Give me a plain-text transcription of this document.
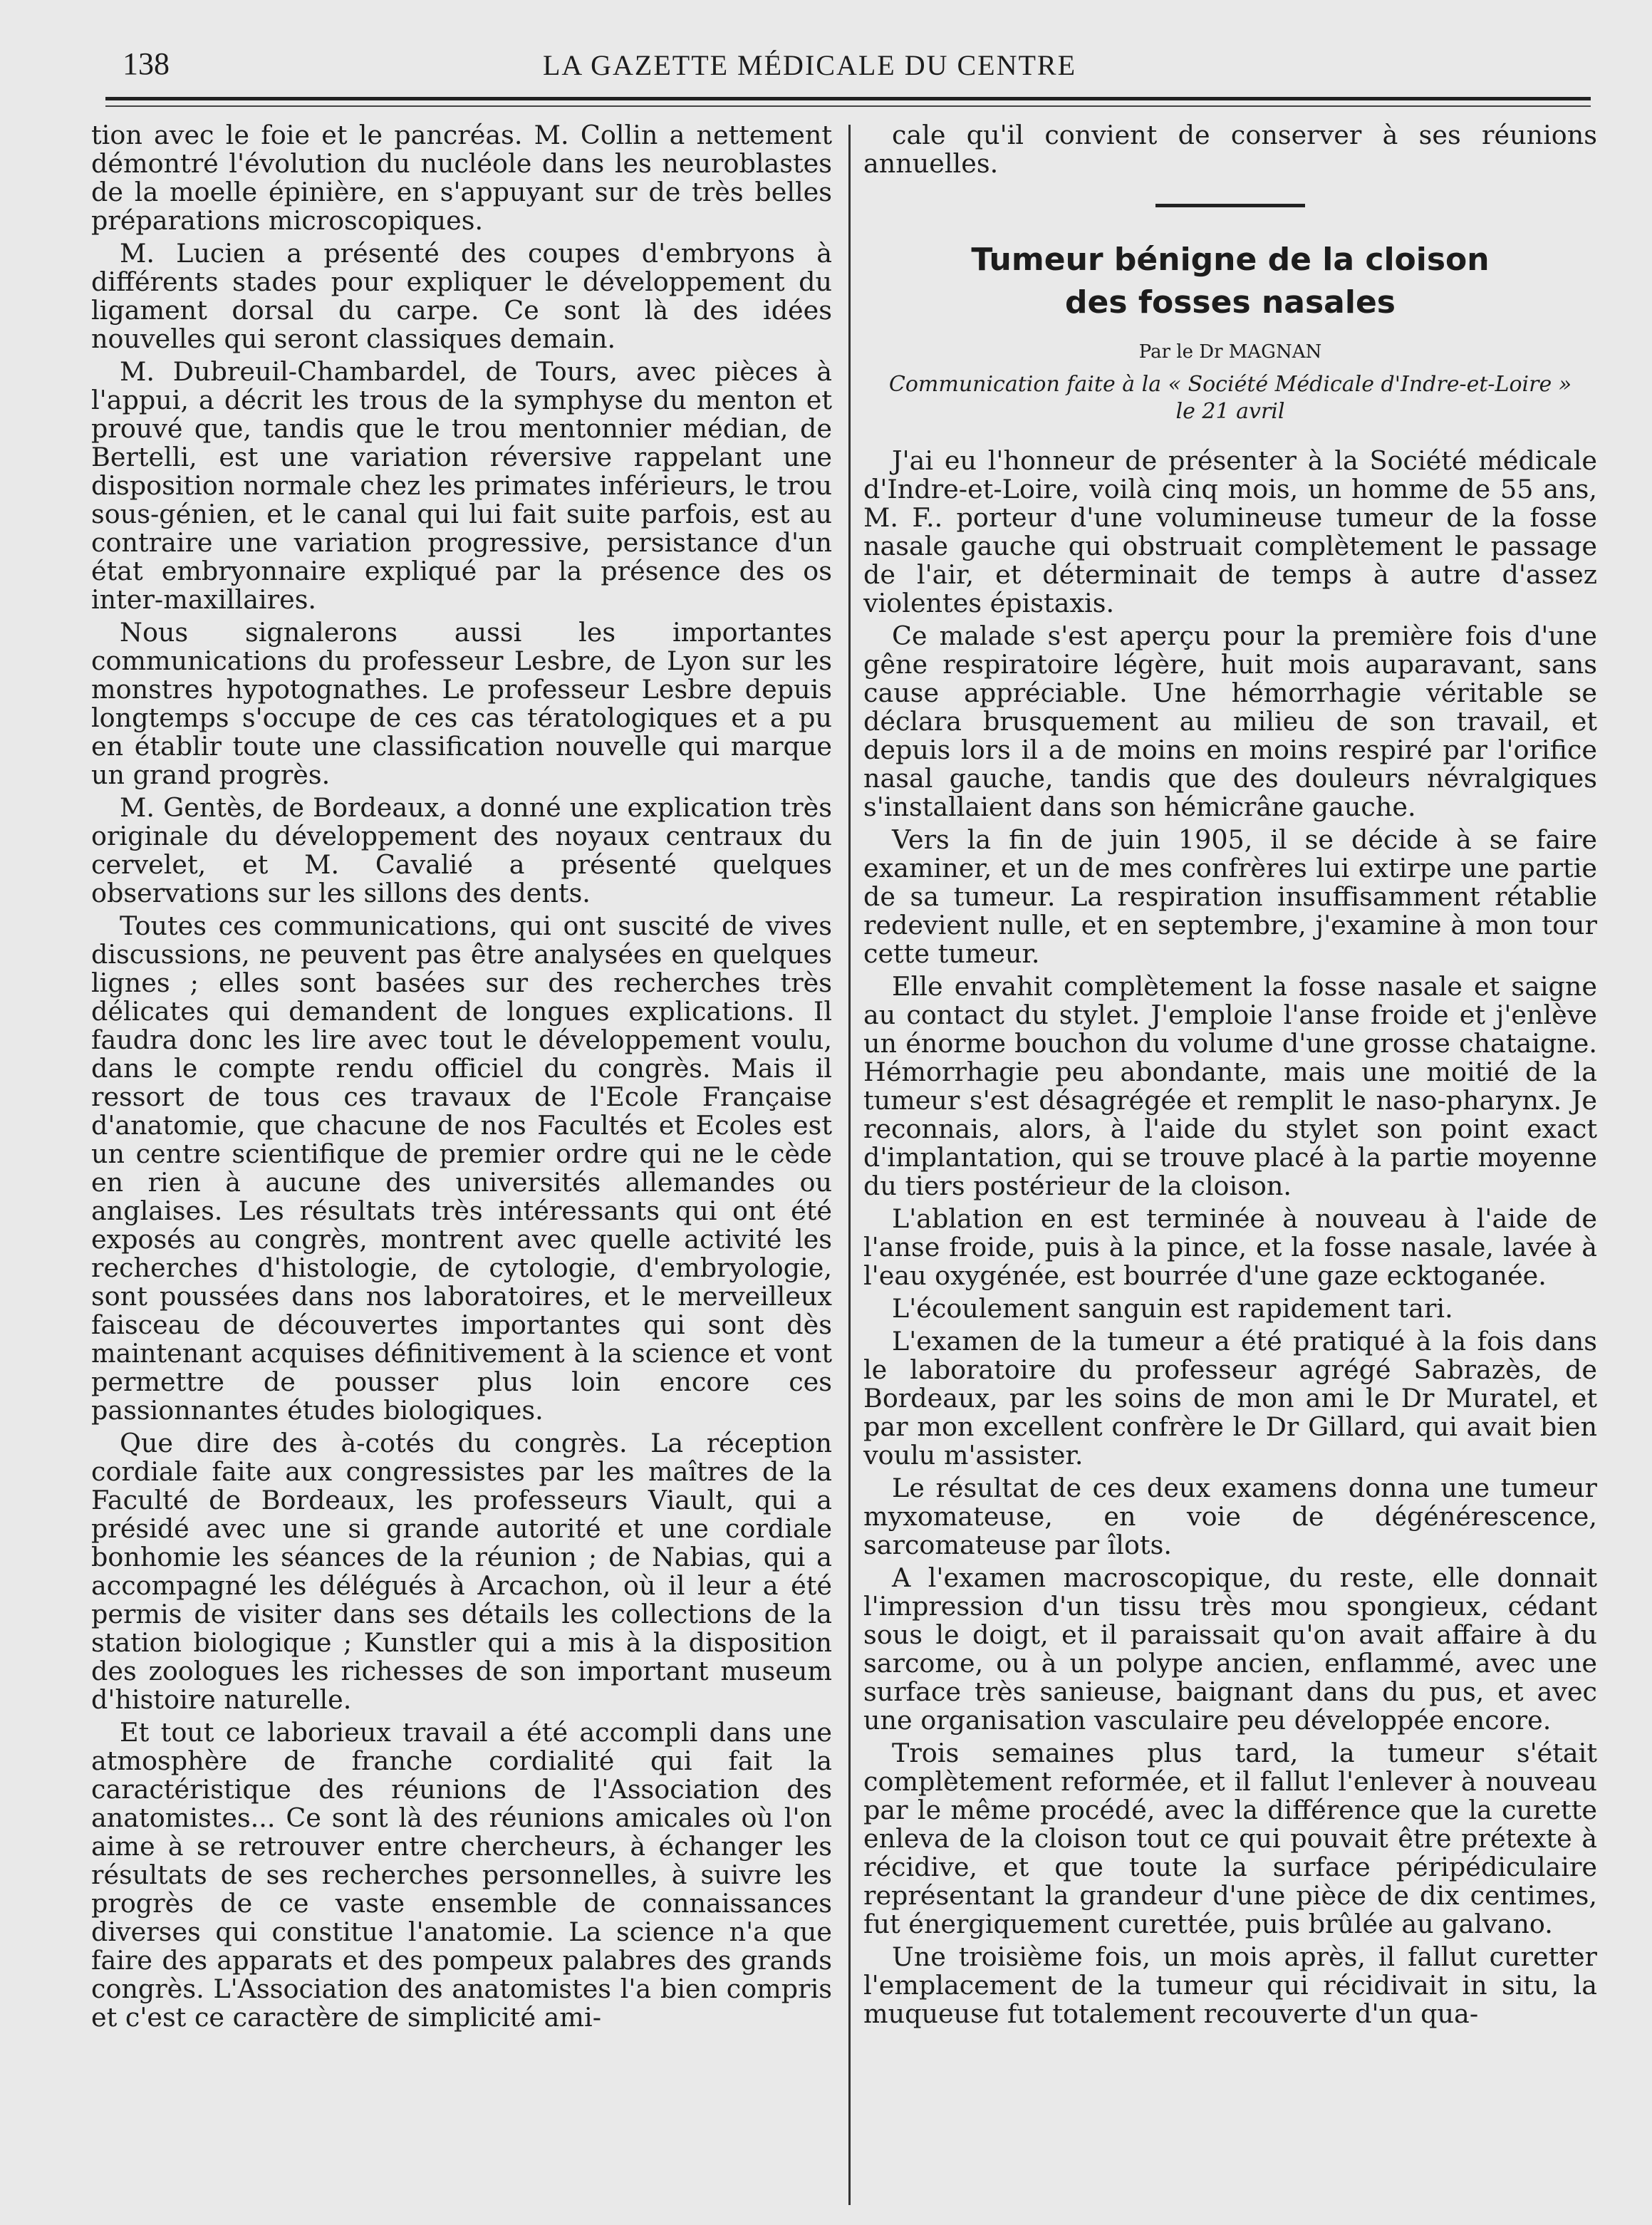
138	LA GAZETTE MÉDICALE DU CENTRE

tion avec le foie et le pancréas. M. Collin a nettement démontré l'évolution du nucléole dans les neuroblastes de la moelle épinière, en s'appuyant sur de très belles préparations microscopiques.

M. Lucien a présenté des coupes d'embryons à différents stades pour expliquer le développement du ligament dorsal du carpe. Ce sont là des idées nouvelles qui seront classiques demain.

M. Dubreuil-Chambardel, de Tours, avec pièces à l'appui, a décrit les trous de la symphyse du menton et prouvé que, tandis que le trou mentonnier médian, de Bertelli, est une variation réversive rappelant une disposition normale chez les primates inférieurs, le trou sous-génien, et le canal qui lui fait suite parfois, est au contraire une variation progressive, persistance d'un état embryonnaire expliqué par la présence des os inter-maxillaires.

Nous signalerons aussi les importantes communications du professeur Lesbre, de Lyon sur les monstres hypotognathes. Le professeur Lesbre depuis longtemps s'occupe de ces cas tératologiques et a pu en établir toute une classification nouvelle qui marque un grand progrès.

M. Gentès, de Bordeaux, a donné une explication très originale du développement des noyaux centraux du cervelet, et M. Cavalié a présenté quelques observations sur les sillons des dents.

Toutes ces communications, qui ont suscité de vives discussions, ne peuvent pas être analysées en quelques lignes ; elles sont basées sur des recherches très délicates qui demandent de longues explications. Il faudra donc les lire avec tout le développement voulu, dans le compte rendu officiel du congrès. Mais il ressort de tous ces travaux de l'Ecole Française d'anatomie, que chacune de nos Facultés et Ecoles est un centre scientifique de premier ordre qui ne le cède en rien à aucune des universités allemandes ou anglaises. Les résultats très intéressants qui ont été exposés au congrès, montrent avec quelle activité les recherches d'histologie, de cytologie, d'embryologie, sont poussées dans nos laboratoires, et le merveilleux faisceau de découvertes importantes qui sont dès maintenant acquises définitivement à la science et vont permettre de pousser plus loin encore ces passionnantes études biologiques.

Que dire des à-cotés du congrès. La réception cordiale faite aux congressistes par les maîtres de la Faculté de Bordeaux, les professeurs Viault, qui a présidé avec une si grande autorité et une cordiale bonhomie les séances de la réunion ; de Nabias, qui a accompagné les délégués à Arcachon, où il leur a été permis de visiter dans ses détails les collections de la station biologique ; Kunstler qui a mis à la disposition des zoologues les richesses de son important museum d'histoire naturelle.

Et tout ce laborieux travail a été accompli dans une atmosphère de franche cordialité qui fait la caractéristique des réunions de l'Association des anatomistes... Ce sont là des réunions amicales où l'on aime à se retrouver entre chercheurs, à échanger les résultats de ses recherches personnelles, à suivre les progrès de ce vaste ensemble de connaissances diverses qui constitue l'anatomie. La science n'a que faire des apparats et des pompeux palabres des grands congrès. L'Association des anatomistes l'a bien compris et c'est ce caractère de simplicité ami-

cale qu'il convient de conserver à ses réunions annuelles.

Tumeur bénigne de la cloison
des fosses nasales
Par le Dr MAGNAN
Communication faite à la « Société Médicale d'Indre-et-Loire »
le 21 avril

J'ai eu l'honneur de présenter à la Société médicale d'Indre-et-Loire, voilà cinq mois, un homme de 55 ans, M. F.. porteur d'une volumineuse tumeur de la fosse nasale gauche qui obstruait complètement le passage de l'air, et déterminait de temps à autre d'assez violentes épistaxis.

Ce malade s'est aperçu pour la première fois d'une gêne respiratoire légère, huit mois auparavant, sans cause appréciable. Une hémorrhagie véritable se déclara brusquement au milieu de son travail, et depuis lors il a de moins en moins respiré par l'orifice nasal gauche, tandis que des douleurs névralgiques s'installaient dans son hémicrâne gauche.

Vers la fin de juin 1905, il se décide à se faire examiner, et un de mes confrères lui extirpe une partie de sa tumeur. La respiration insuffisamment rétablie redevient nulle, et en septembre, j'examine à mon tour cette tumeur.

Elle envahit complètement la fosse nasale et saigne au contact du stylet. J'emploie l'anse froide et j'enlève un énorme bouchon du volume d'une grosse chataigne. Hémorrhagie peu abondante, mais une moitié de la tumeur s'est désagrégée et remplit le naso-pharynx. Je reconnais, alors, à l'aide du stylet son point exact d'implantation, qui se trouve placé à la partie moyenne du tiers postérieur de la cloison.

L'ablation en est terminée à nouveau à l'aide de l'anse froide, puis à la pince, et la fosse nasale, lavée à l'eau oxygénée, est bourrée d'une gaze ecktoganée.

L'écoulement sanguin est rapidement tari.

L'examen de la tumeur a été pratiqué à la fois dans le laboratoire du professeur agrégé Sabrazès, de Bordeaux, par les soins de mon ami le Dr Muratel, et par mon excellent confrère le Dr Gillard, qui avait bien voulu m'assister.

Le résultat de ces deux examens donna une tumeur myxomateuse, en voie de dégénérescence, sarcomateuse par îlots.

A l'examen macroscopique, du reste, elle donnait l'impression d'un tissu très mou spongieux, cédant sous le doigt, et il paraissait qu'on avait affaire à du sarcome, ou à un polype ancien, enflammé, avec une surface très sanieuse, baignant dans du pus, et avec une organisation vasculaire peu développée encore.

Trois semaines plus tard, la tumeur s'était complètement reformée, et il fallut l'enlever à nouveau par le même procédé, avec la différence que la curette enleva de la cloison tout ce qui pouvait être prétexte à récidive, et que toute la surface péripédiculaire représentant la grandeur d'une pièce de dix centimes, fut énergiquement curettée, puis brûlée au galvano.

Une troisième fois, un mois après, il fallut curetter l'emplacement de la tumeur qui récidivait in situ, la muqueuse fut totalement recouverte d'un qua-
